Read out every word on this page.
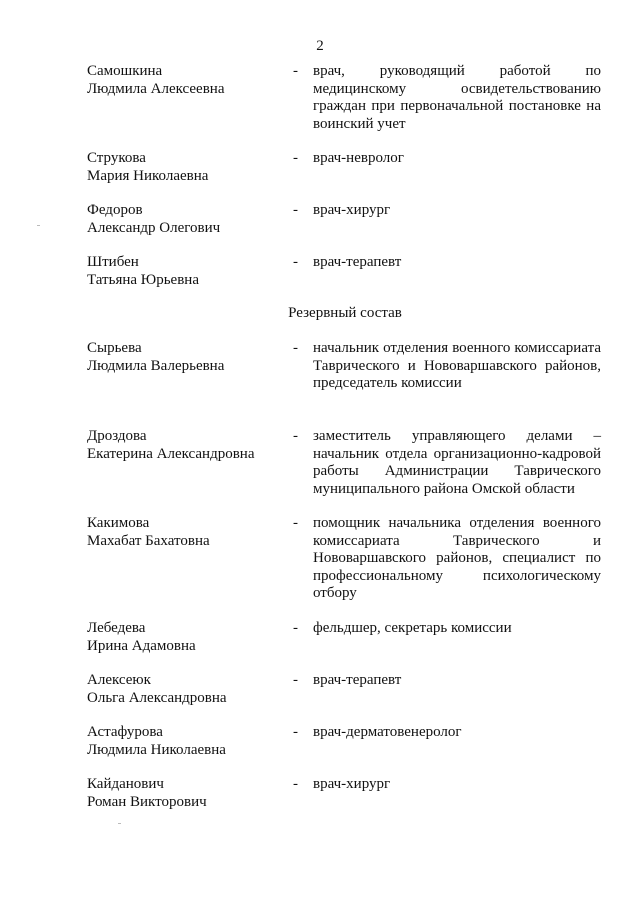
2
Самошкина
Людмила Алексеевна
- врач, руководящий работой по медицинскому освидетельствованию граждан при первоначальной постановке на воинский учет
Струкова
Мария Николаевна
- врач-невролог
Федоров
Александр Олегович
- врач-хирург
Штибен
Татьяна Юрьевна
- врач-терапевт
Резервный состав
Сырьева
Людмила Валерьевна
- начальник отделения военного комиссариата Таврического и Нововаршавского районов, председатель комиссии
Дроздова
Екатерина Александровна
- заместитель управляющего делами – начальник отдела организационно-кадровой работы Администрации Таврического муниципального района Омской области
Какимова
Махабат Бахатовна
- помощник начальника отделения военного комиссариата Таврического и Нововаршавского районов, специалист по профессиональному психологическому отбору
Лебедева
Ирина Адамовна
- фельдшер, секретарь комиссии
Алексеюк
Ольга Александровна
- врач-терапевт
Астафурова
Людмила Николаевна
- врач-дерматовенеролог
Кайданович
Роман Викторович
- врач-хирург
